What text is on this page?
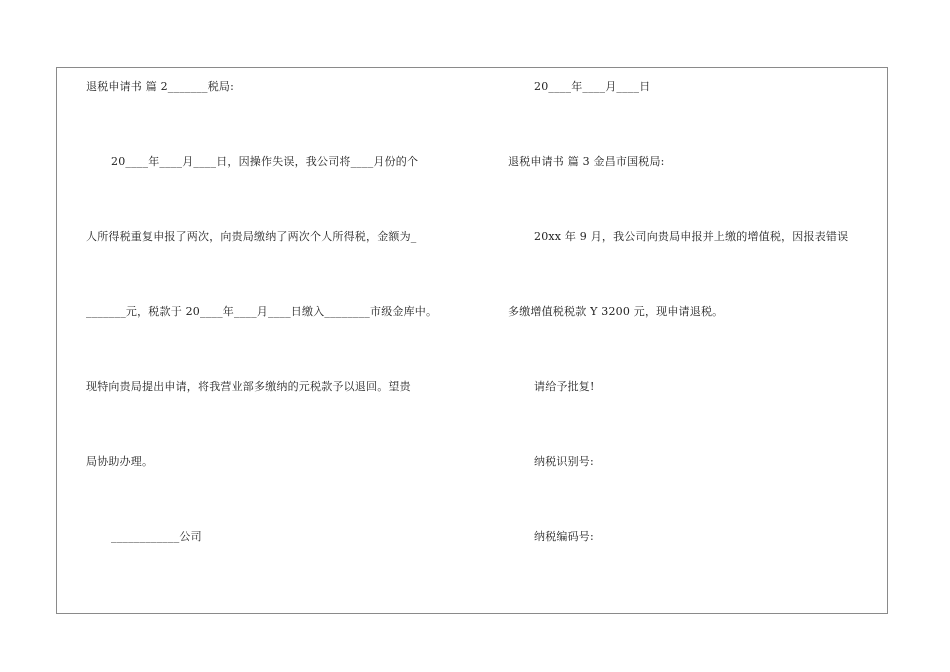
退税申请书 篇 2_______税局:
20____年____月____日，因操作失误，我公司将____月份的个
人所得税重复申报了两次，向贵局缴纳了两次个人所得税，金额为_
_______元，税款于 20____年____月____日缴入________市级金库中。
现特向贵局提出申请，将我营业部多缴纳的元税款予以退回。望贵
局协助办理。
____________公司
20____年____月____日
退税申请书 篇 3 金昌市国税局:
20xx 年 9 月，我公司向贵局申报并上缴的增值税，因报表错误
多缴增值税税款 Y 3200 元，现申请退税。
请给予批复!
纳税识别号:
纳税编码号:
